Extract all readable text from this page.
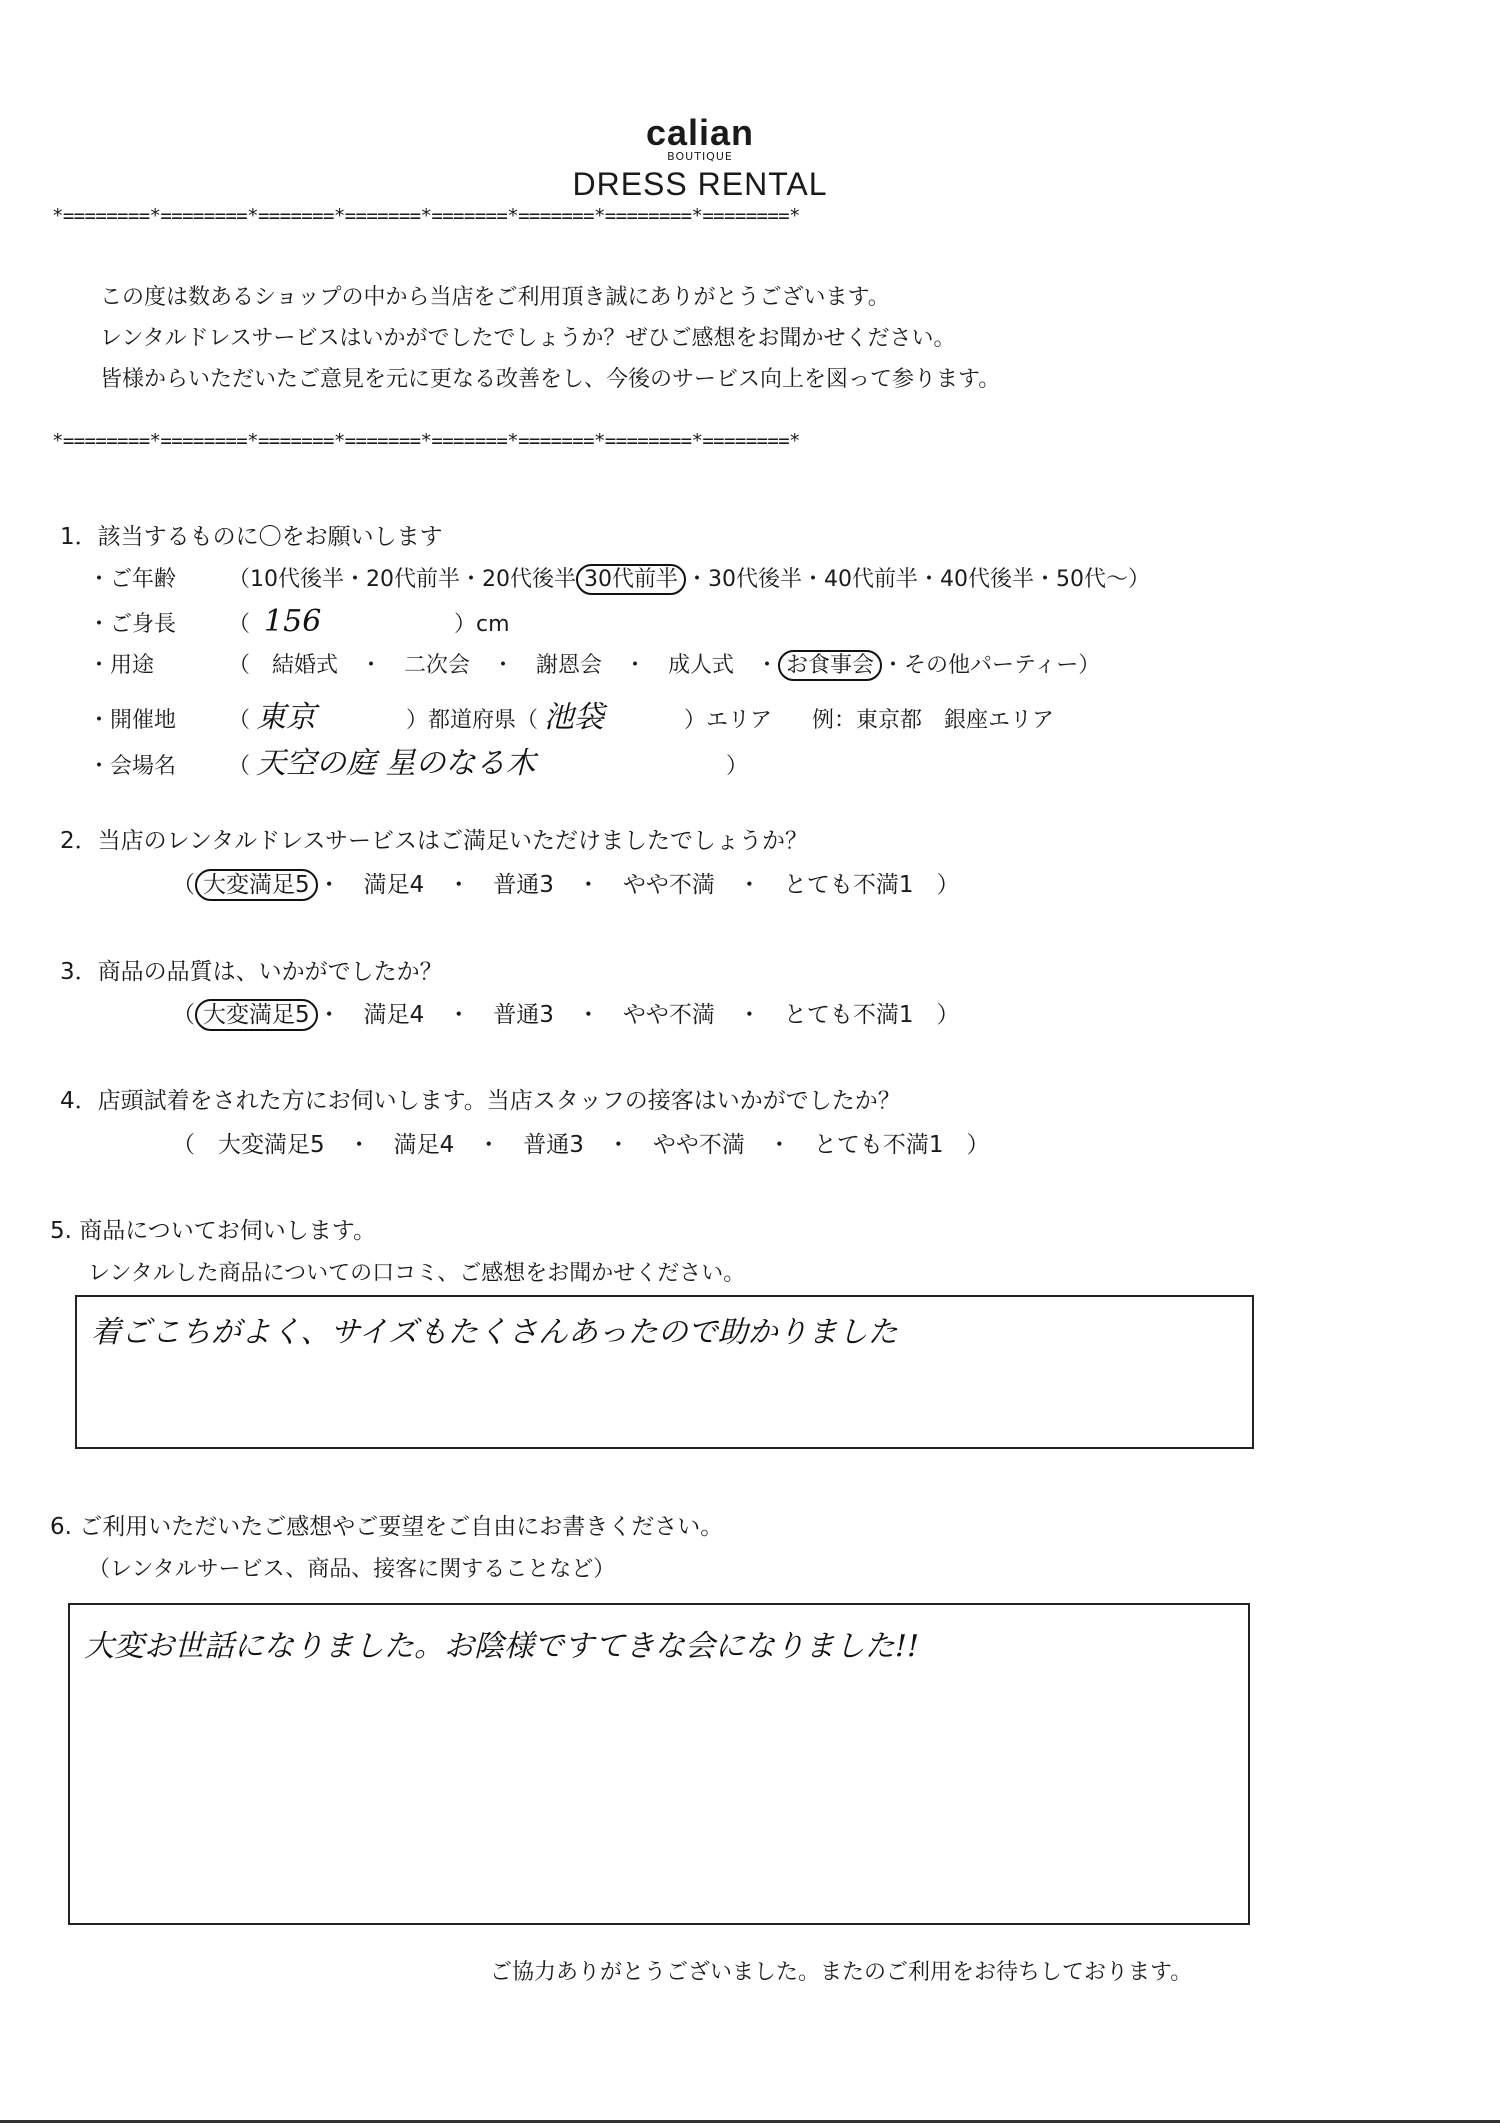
calian
BOUTIQUE
DRESS RENTAL
*========*========*=======*=======*=======*=======*========*========*
この度は数あるショップの中から当店をご利用頂き誠にありがとうございます。
レンタルドレスサービスはいかがでしたでしょうか？ぜひご感想をお聞かせください。
皆様からいただいたご意見を元に更なる改善をし、今後のサービス向上を図って参ります。
*========*========*=======*=======*=======*=======*========*========*
1．該当するものに〇をお願いします
・ご年齢 （10代後半・20代前半・20代後半 30代前半 ・30代後半・40代前半・40代後半・50代～）
・ご身長 （ 156	）cm
・用途	（　結婚式　・　二次会　・　謝恩会　・　成人式　・ お食事会 ・その他パーティー）
・開催地 （ 東京	）都道府県（ 池袋	）エリア 例：東京都　銀座エリア
・会場名 （ 天空の庭 星のなる木	）
2．当店のレンタルドレスサービスはご満足いただけましたでしょうか？
（ 大変満足5 ・　満足4　・　普通3　・　やや不満　・　とても不満1　）
3．商品の品質は、いかがでしたか？
（ 大変満足5 ・　満足4　・　普通3　・　やや不満　・　とても不満1　）
4．店頭試着をされた方にお伺いします。当店スタッフの接客はいかがでしたか？
（　大変満足5　・　満足4　・　普通3　・　やや不満　・　とても不満1　）
5. 商品についてお伺いします。
レンタルした商品についての口コミ、ご感想をお聞かせください。
着ごこちがよく、サイズもたくさんあったので助かりました
6. ご利用いただいたご感想やご要望をご自由にお書きください。
（レンタルサービス、商品、接客に関することなど）
大変お世話になりました。お陰様ですてきな会になりました!!
ご協力ありがとうございました。またのご利用をお待ちしております。
